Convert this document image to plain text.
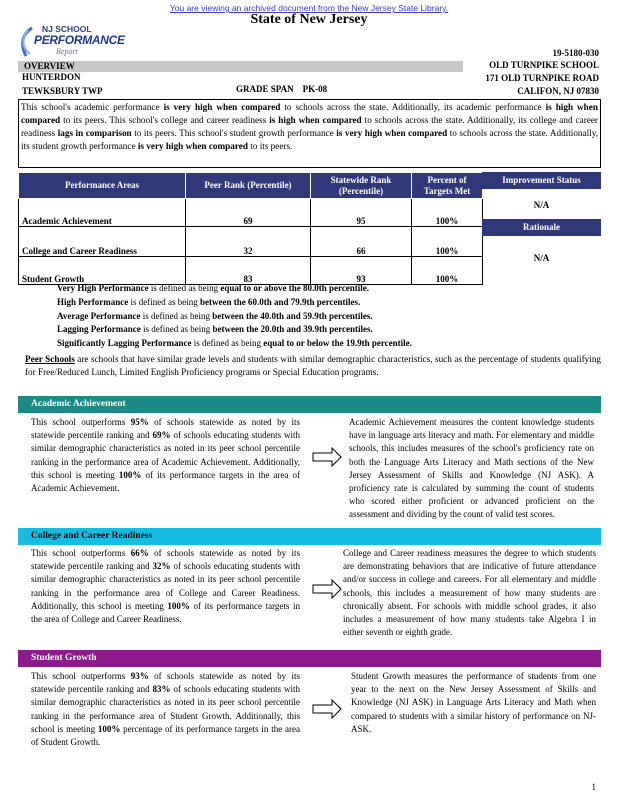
You are viewing an archived document from the New Jersey State Library.
State of New Jersey
NJ SCHOOL
PERFORMANCE
Report	19-5180-030
OVERVIEW
HUNTERDON
TEWKSBURY TWP	GRADE SPAN PK-08
OLD TURNPIKE SCHOOL
171 OLD TURNPIKE ROAD
CALIFON, NJ 07830
This school's academic performance is very high when compared to schools across the state. Additionally, its academic performance is high when compared to its peers. This school's college and career readiness is high when compared to schools across the state. Additionally, its college and career readiness lags in comparison to its peers. This school's student growth performance is very high when compared to schools across the state. Additionally, its student growth performance is very high when compared to its peers.
Performance Areas	Peer Rank (Percentile)	Statewide Rank (Percentile)	Percent of Targets Met
Academic Achievement	69	95	100%
College and Career Readiness	32	66	100%
Student Growth	83	93	100%
Improvement Status
N/A
Rationale
N/A
Very High Performance is defined as being equal to or above the 80.0th percentile.
High Performance is defined as being between the 60.0th and 79.9th percentiles.
Average Performance is defined as being between the 40.0th and 59.9th percentiles.
Lagging Performance is defined as being between the 20.0th and 39.9th percentiles.
Significantly Lagging Performance is defined as being equal to or below the 19.9th percentile.
Peer Schools are schools that have similar grade levels and students with similar demographic characteristics, such as the percentage of students qualifying for Free/Reduced Lunch, Limited English Proficiency programs or Special Education programs.
Academic Achievement
This school outperforms 95% of schools statewide as noted by its statewide percentile ranking and 69% of schools educating students with similar demographic characteristics as noted in its peer school percentile ranking in the performance area of Academic Achievement. Additionally, this school is meeting 100% of its performance targets in the area of Academic Achievement.
Academic Achievement measures the content knowledge students have in language arts literacy and math. For elementary and middle schools, this includes measures of the school's proficiency rate on both the Language Arts Literacy and Math sections of the New Jersey Assessment of Skills and Knowledge (NJ ASK). A proficiency rate is calculated by summing the count of students who scored either proficient or advanced proficient on the assessment and dividing by the count of valid test scores.
College and Career Readiness
This school outperforms 66% of schools statewide as noted by its statewide percentile ranking and 32% of schools educating students with similar demographic characteristics as noted in its peer school percentile ranking in the performance area of College and Career Readiness. Additionally, this school is meeting 100% of its performance targets in the area of College and Career Readiness.
College and Career readiness measures the degree to which students are demonstrating behaviors that are indicative of future attendance and/or success in college and careers. For all elementary and middle schools, this includes a measurement of how many students are chronically absent. For schools with middle school grades, it also includes a measurement of how many students take Algebra I in either seventh or eighth grade.
Student Growth
This school outperforms 93% of schools statewide as noted by its statewide percentile ranking and 83% of schools educating students with similar demographic characteristics as noted in its peer school percentile ranking in the performance area of Student Growth. Additionally, this school is meeting 100% percentage of its performance targets in the area of Student Growth.
Student Growth measures the performance of students from one year to the next on the New Jersey Assessment of Skills and Knowledge (NJ ASK) in Language Arts Literacy and Math when compared to students with a similar history of performance on NJ-ASK.
1
